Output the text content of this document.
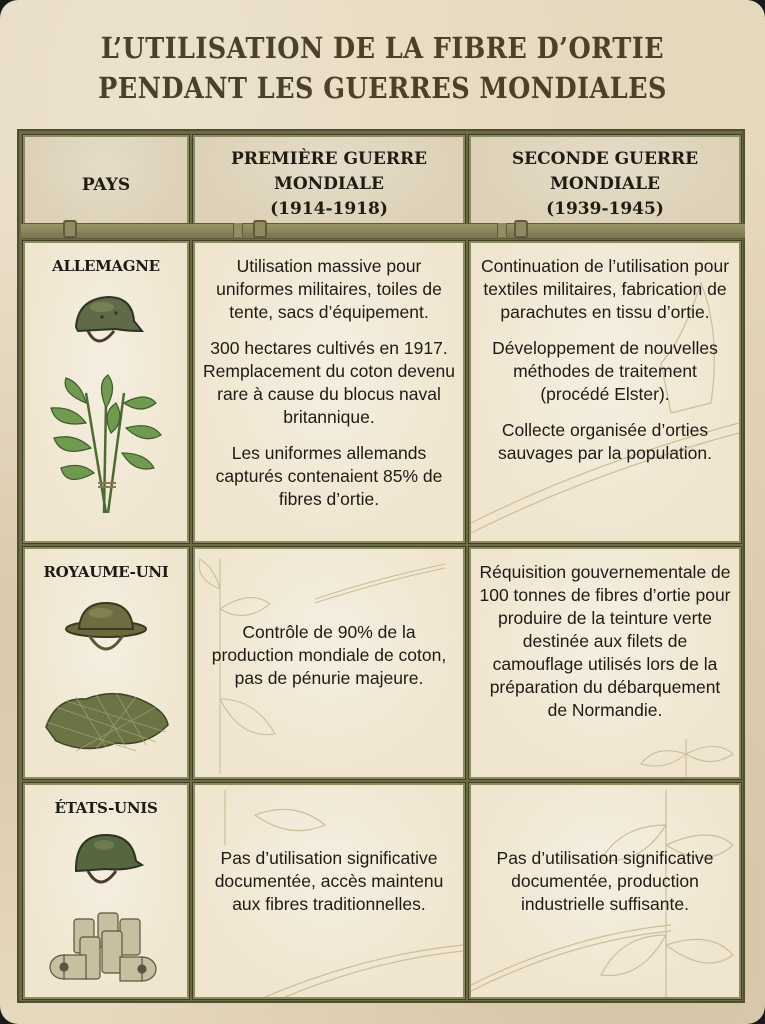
L’UTILISATION DE LA FIBRE D’ORTIE
PENDANT LES GUERRES MONDIALES
PAYS
PREMIÈRE GUERRE
MONDIALE
(1914-1918)
SECONDE GUERRE
MONDIALE
(1939-1945)
ALLEMAGNE	Utilisation massive pour uniformes militaires, toiles de tente, sacs d’équipement.

300 hectares cultivés en 1917. Remplacement du coton devenu rare à cause du blocus naval britannique.

Les uniformes allemands capturés contenaient 85% de fibres d’ortie.

Continuation de l’utilisation pour textiles militaires, fabrication de parachutes en tissu d’ortie.

Développement de nouvelles méthodes de traitement (procédé Elster).

Collecte organisée d’orties sauvages par la population.

ROYAUME-UNI

Contrôle de 90% de la production mondiale de coton, pas de pénurie majeure.

Réquisition gouvernementale de 100 tonnes de fibres d’ortie pour produire de la teinture verte destinée aux filets de camouflage utilisés lors de la préparation du débarquement de Normandie.

ÉTATS-UNIS

Pas d’utilisation significative documentée, accès maintenu aux fibres traditionnelles.

Pas d’utilisation significative documentée, production industrielle suffisante.
